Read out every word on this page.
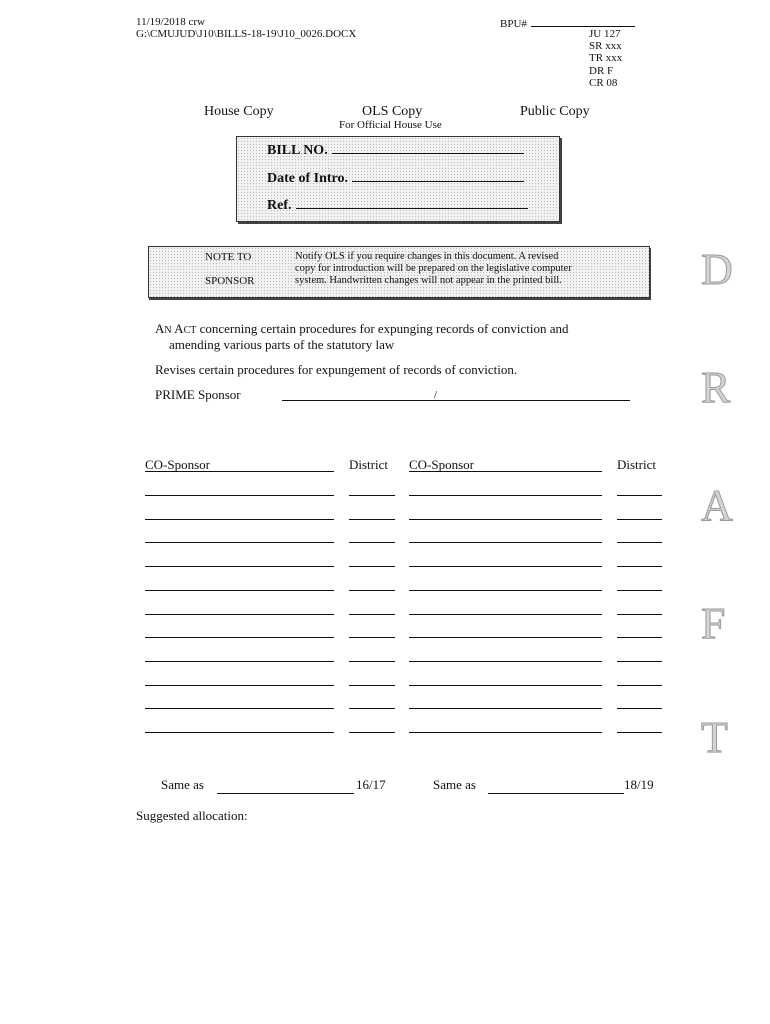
11/19/2018 crw
G:\CMUJUD\J10\BILLS-18-19\J10_0026.DOCX
BPU#
JU 127
SR xxx
TR xxx
DR F
CR 08
House Copy	OLS Copy	Public Copy
For Official House Use
BILL NO.
Date of Intro.
Ref.
NOTE TO
SPONSOR
Notify OLS if you require changes in this document. A revised
copy for introduction will be prepared on the legislative computer
system. Handwritten changes will not appear in the printed bill.	D
R
A
F
T
AN ACT concerning certain procedures for expunging records of conviction and
amending various parts of the statutory law
Revises certain procedures for expungement of records of conviction.
PRIME Sponsor	/
CO-Sponsor	District CO-Sponsor	District
Same as	16/17	Same as	18/19
Suggested allocation:
